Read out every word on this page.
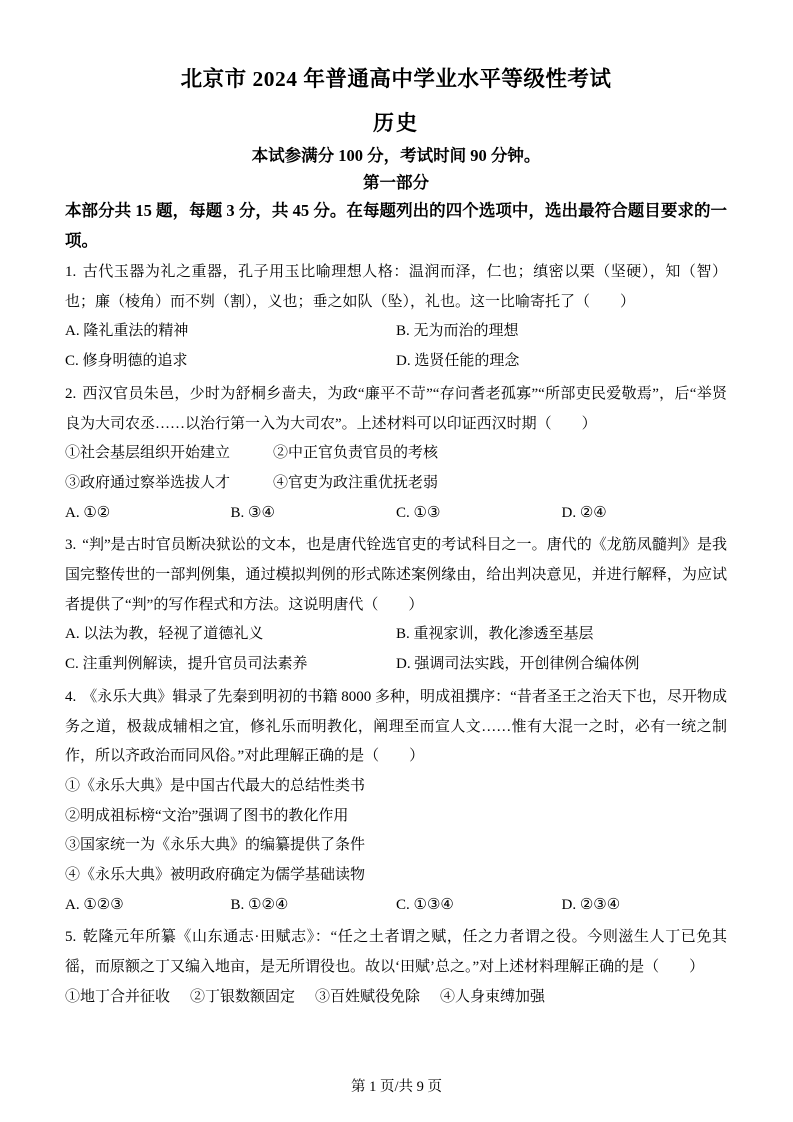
北京市 2024 年普通高中学业水平等级性考试
历史
本试参满分 100 分，考试时间 90 分钟。
第一部分
本部分共 15 题，每题 3 分，共 45 分。在每题列出的四个选项中，选出最符合题目要求的一项。

1. 古代玉器为礼之重器，孔子用玉比喻理想人格：温润而泽，仁也；缜密以栗（坚硬），知（智）也；廉（棱角）而不刿（割），义也；垂之如队（坠），礼也。这一比喻寄托了（　　）

A. 隆礼重法的精神	B. 无为而治的理想
C. 修身明德的追求	D. 选贤任能的理念

2. 西汉官员朱邑，少时为舒桐乡啬夫，为政“廉平不苛”“存问耆老孤寡”“所部吏民爱敬焉”，后“举贤良为大司农丞……以治行第一入为大司农”。上述材料可以印证西汉时期（　　）

①社会基层组织开始建立	②中正官负责官员的考核
③政府通过察举选拔人才	④官吏为政注重优抚老弱
A. ①②	B. ③④	C. ①③	D. ②④

3. “判”是古时官员断决狱讼的文本，也是唐代铨选官吏的考试科目之一。唐代的《龙筋凤髓判》是我国完整传世的一部判例集，通过模拟判例的形式陈述案例缘由，给出判决意见，并进行解释，为应试者提供了“判”的写作程式和方法。这说明唐代（　　）

A. 以法为教，轻视了道德礼义	B. 重视家训，教化渗透至基层
C. 注重判例解读，提升官员司法素养	D. 强调司法实践，开创律例合编体例

4. 《永乐大典》辑录了先秦到明初的书籍 8000 多种，明成祖撰序：“昔者圣王之治天下也，尽开物成务之道，极裁成辅相之宜，修礼乐而明教化，阐理至而宣人文……惟有大混一之时，必有一统之制作，所以齐政治而同风俗。”对此理解正确的是（　　）

①《永乐大典》是中国古代最大的总结性类书
②明成祖标榜“文治”强调了图书的教化作用
③国家统一为《永乐大典》的编纂提供了条件
④《永乐大典》被明政府确定为儒学基础读物
A. ①②③	B. ①②④	C. ①③④	D. ②③④

5. 乾隆元年所纂《山东通志·田赋志》：“任之土者谓之赋，任之力者谓之役。今则滋生人丁已免其徭，而原额之丁又编入地亩，是无所谓役也。故以‘田赋’总之。”对上述材料理解正确的是（　　）

①地丁合并征收 ②丁银数额固定 ③百姓赋役免除 ④人身束缚加强
第 1 页/共 9 页
